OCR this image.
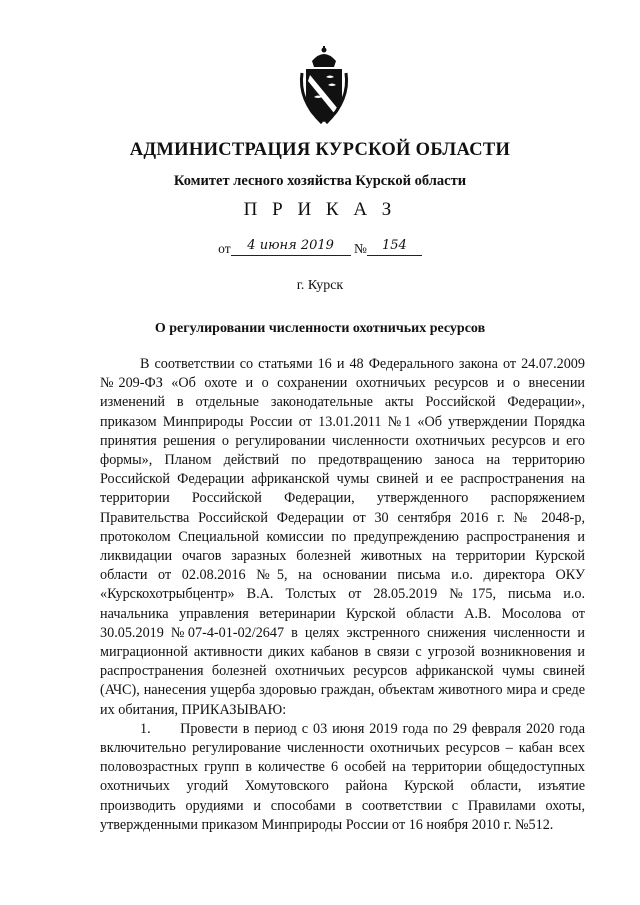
АДМИНИСТРАЦИЯ КУРСКОЙ ОБЛАСТИ
Комитет лесного хозяйства Курской области
П Р И К А З
от 4 июня 2019 № 154
г. Курск
О регулировании численности охотничьих ресурсов

В соответствии со статьями 16 и 48 Федерального закона от 24.07.2009 №209-ФЗ «Об охоте и о сохранении охотничьих ресурсов и о внесении изменений в отдельные законодательные акты Российской Федерации», приказом Минприроды России от 13.01.2011 №1 «Об утверждении Порядка принятия решения о регулировании численности охотничьих ресурсов и его формы», Планом действий по предотвращению заноса на территорию Российской Федерации африканской чумы свиней и ее распространения на территории Российской Федерации, утвержденного распоряжением Правительства Российской Федерации от 30 сентября 2016 г. № 2048-р, протоколом Специальной комиссии по предупреждению распространения и ликвидации очагов заразных болезней животных на территории Курской области от 02.08.2016 №5, на основании письма и.о. директора ОКУ «Курскохотрыбцентр» В.А. Толстых от 28.05.2019 №175, письма и.о. начальника управления ветеринарии Курской области А.В. Мосолова от 30.05.2019 №07-4-01-02/2647 в целях экстренного снижения численности и миграционной активности диких кабанов в связи с угрозой возникновения и распространения болезней охотничьих ресурсов африканской чумы свиней (АЧС), нанесения ущерба здоровью граждан, объектам животного мира и среде их обитания, ПРИКАЗЫВАЮ:

1.      Провести в период с 03 июня 2019 года по 29 февраля 2020 года включительно регулирование численности охотничьих ресурсов – кабан всех половозрастных групп в количестве 6 особей на территории общедоступных охотничьих угодий Хомутовского района Курской области, изъятие производить орудиями и способами в соответствии с Правилами охоты, утвержденными приказом Минприроды России от 16 ноября 2010 г. №512.
